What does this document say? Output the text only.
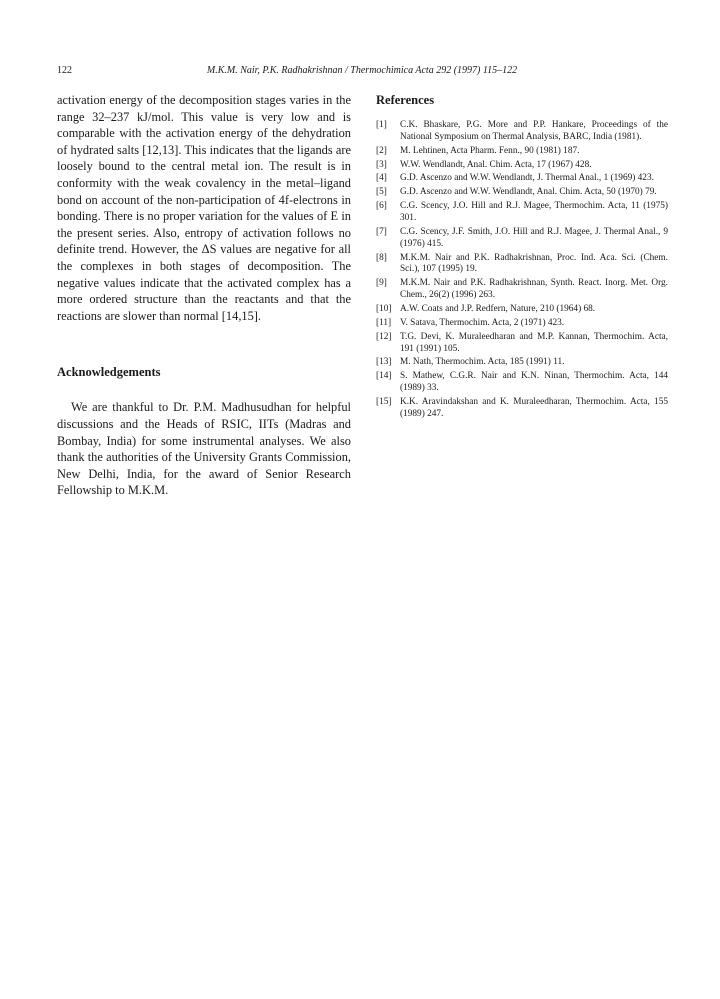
122	M.K.M. Nair, P.K. Radhakrishnan / Thermochimica Acta 292 (1997) 115–122

activation energy of the decomposition stages varies in the range 32–237 kJ/mol. This value is very low and is comparable with the activation energy of the dehydration of hydrated salts [12,13]. This indicates that the ligands are loosely bound to the central metal ion. The result is in conformity with the weak covalency in the metal–ligand bond on account of the non-participation of 4f-electrons in bonding. There is no proper variation for the values of E in the present series. Also, entropy of activation follows no definite trend. However, the ΔS values are negative for all the complexes in both stages of decomposition. The negative values indicate that the activated complex has a more ordered structure than the reactants and that the reactions are slower than normal [14,15].

Acknowledgements

We are thankful to Dr. P.M. Madhusudhan for helpful discussions and the Heads of RSIC, IITs (Madras and Bombay, India) for some instrumental analyses. We also thank the authorities of the University Grants Commission, New Delhi, India, for the award of Senior Research Fellowship to M.K.M.

References
[1]	C.K. Bhaskare, P.G. More and P.P. Hankare, Proceedings of the National Symposium on Thermal Analysis, BARC, India (1981).
[2]	M. Lehtinen, Acta Pharm. Fenn., 90 (1981) 187.
[3]	W.W. Wendlandt, Anal. Chim. Acta, 17 (1967) 428.
[4]	G.D. Ascenzo and W.W. Wendlandt, J. Thermal Anal., 1 (1969) 423.
[5]	G.D. Ascenzo and W.W. Wendlandt, Anal. Chim. Acta, 50 (1970) 79.
[6]	C.G. Scency, J.O. Hill and R.J. Magee, Thermochim. Acta, 11 (1975) 301.
[7]	C.G. Scency, J.F. Smith, J.O. Hill and R.J. Magee, J. Thermal Anal., 9 (1976) 415.
[8]	M.K.M. Nair and P.K. Radhakrishnan, Proc. Ind. Aca. Sci. (Chem. Sci.), 107 (1995) 19.
[9]	M.K.M. Nair and P.K. Radhakrishnan, Synth. React. Inorg. Met. Org. Chem., 26(2) (1996) 263.
[10] A.W. Coats and J.P. Redfern, Nature, 210 (1964) 68.
[11] V. Satava, Thermochim. Acta, 2 (1971) 423.
[12] T.G. Devi, K. Muraleedharan and M.P. Kannan, Thermochim. Acta, 191 (1991) 105.
[13] M. Nath, Thermochim. Acta, 185 (1991) 11.
[14] S. Mathew, C.G.R. Nair and K.N. Ninan, Thermochim. Acta, 144 (1989) 33.
[15] K.K. Aravindakshan and K. Muraleedharan, Thermochim. Acta, 155 (1989) 247.
